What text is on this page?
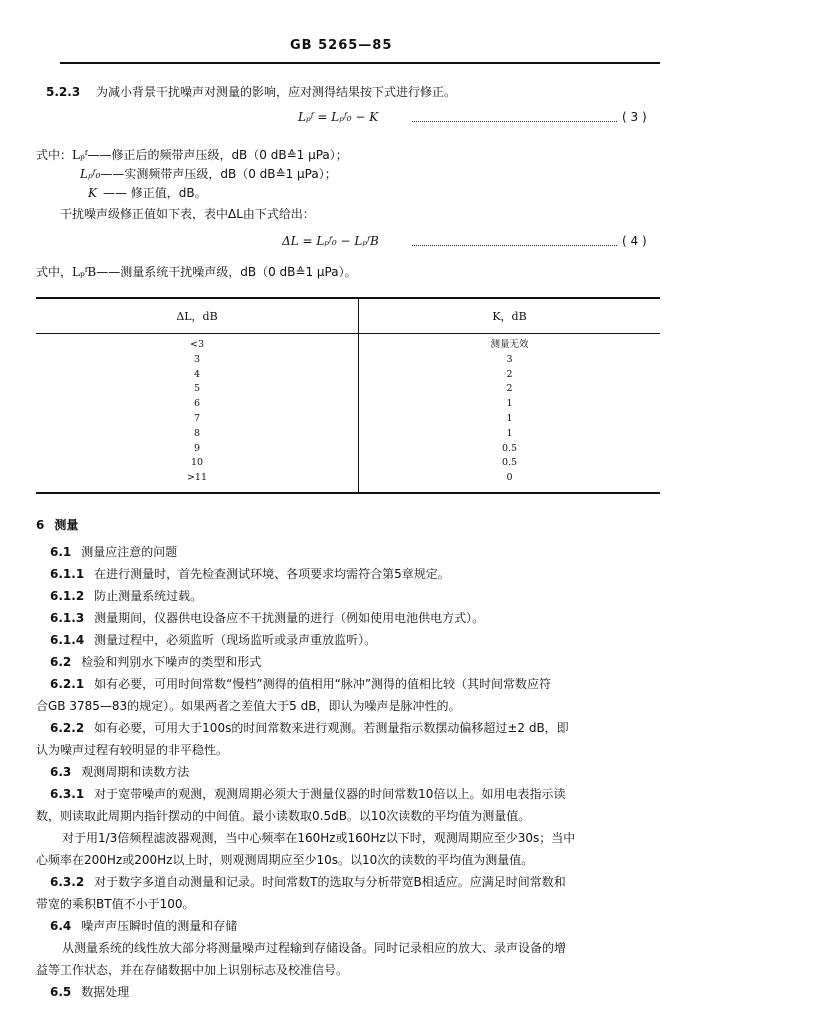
GB 5265—85
5.2.3 为减小背景干扰噪声对测量的影响，应对测得结果按下式进行修正。
Lₚᶠ = Lₚᶠ₀ − K	( 3 )
式中：Lₚᶠ——修正后的频带声压级，dB（0 dB≙1 μPa）；
Lₚᶠ₀——实测频带声压级，dB（0 dB≙1 μPa）；
K —— 修正值，dB。
干扰噪声级修正值如下表，表中ΔL由下式给出：
ΔL = Lₚᶠ₀ − LₚᶠB	( 4 )
式中，LₚᶠB——测量系统干扰噪声级，dB（0 dB≙1 μPa）。
ΔL，dB	K，dB
<3	测量无效
3	3
4	2
5	2
6	1
7	1
8	1
9	0.5
10	0.5
>11	0
6 测量
6.1 测量应注意的问题
6.1.1 在进行测量时，首先检查测试环境、各项要求均需符合第5章规定。
6.1.2 防止测量系统过载。
6.1.3 测量期间，仪器供电设备应不干扰测量的进行（例如使用电池供电方式）。
6.1.4 测量过程中，必须监听（现场监听或录声重放监听）。
6.2 检验和判别水下噪声的类型和形式
6.2.1 如有必要，可用时间常数“慢档”测得的值相用“脉冲”测得的值相比较（其时间常数应符
合GB 3785—83的规定）。如果两者之差值大于5 dB，即认为噪声是脉冲性的。
6.2.2 如有必要，可用大于100s的时间常数来进行观测。若测量指示数摆动偏移超过±2 dB，即
认为噪声过程有较明显的非平稳性。
6.3 观测周期和读数方法
6.3.1 对于宽带噪声的观测，观测周期必须大于测量仪器的时间常数10倍以上。如用电表指示读
数，则读取此周期内指针摆动的中间值。最小读数取0.5dB。以10次读数的平均值为测量值。
对于用1/3倍频程滤波器观测，当中心频率在160Hz或160Hz以下时，观测周期应至少30s；当中
心频率在200Hz或200Hz以上时，则观测周期应至少10s。以10次的读数的平均值为测量值。
6.3.2 对于数字多道自动测量和记录。时间常数T的选取与分析带宽B相适应。应满足时间常数和
带宽的乘积BT值不小于100。
6.4 噪声声压瞬时值的测量和存储
从测量系统的线性放大部分将测量噪声过程输到存储设备。同时记录相应的放大、录声设备的增
益等工作状态，并在存储数据中加上识别标志及校准信号。
6.5 数据处理
